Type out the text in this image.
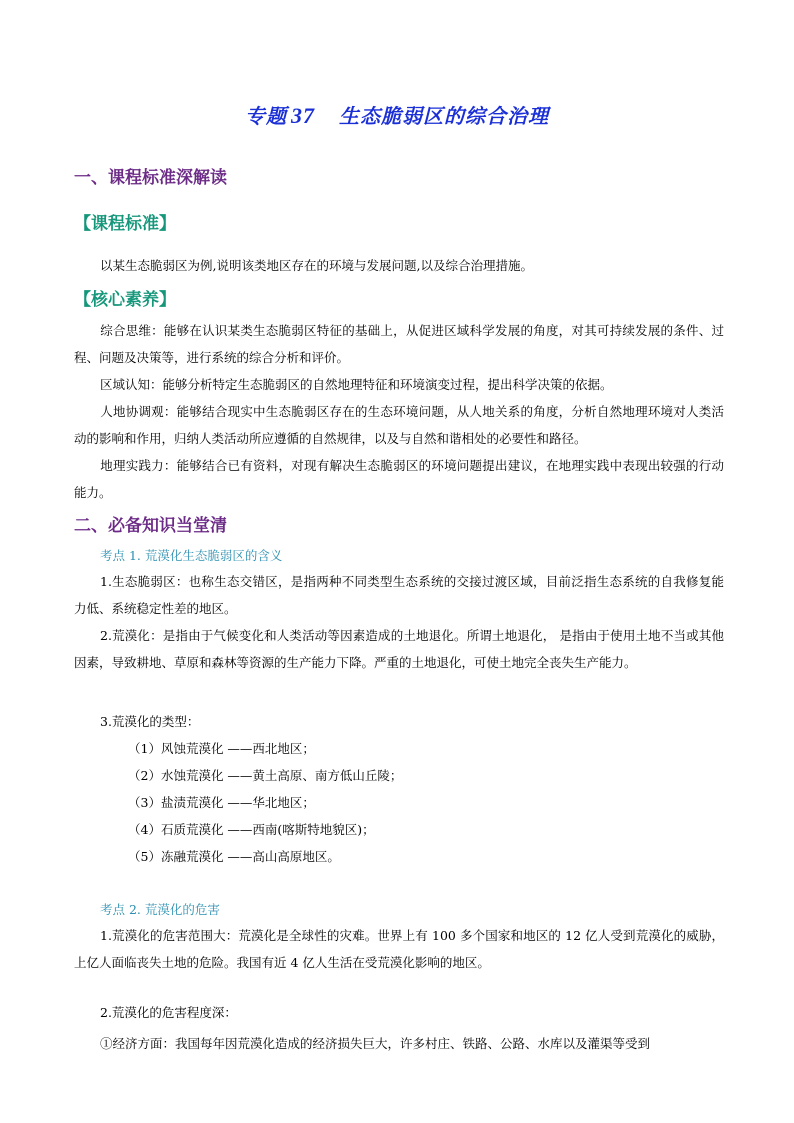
专题 37 生态脆弱区的综合治理
一、课程标准深解读
【课程标准】
以某生态脆弱区为例,说明该类地区存在的环境与发展问题,以及综合治理措施。
【核心素养】
综合思维：能够在认识某类生态脆弱区特征的基础上，从促进区域科学发展的角度，对其可持续发展的条件、过程、问题及决策等，进行系统的综合分析和评价。
区域认知：能够分析特定生态脆弱区的自然地理特征和环境演变过程，提出科学决策的依据。
人地协调观：能够结合现实中生态脆弱区存在的生态环境问题，从人地关系的角度，分析自然地理环境对人类活动的影响和作用，归纳人类活动所应遵循的自然规律，以及与自然和谐相处的必要性和路径。
地理实践力：能够结合已有资料，对现有解决生态脆弱区的环境问题提出建议，在地理实践中表现出较强的行动能力。
二、必备知识当堂清
考点 1. 荒漠化生态脆弱区的含义
1.生态脆弱区：也称生态交错区，是指两种不同类型生态系统的交接过渡区域，目前泛指生态系统的自我修复能力低、系统稳定性差的地区。
2.荒漠化：是指由于气候变化和人类活动等因素造成的土地退化。所谓土地退化， 是指由于使用土地不当或其他因素，导致耕地、草原和森林等资源的生产能力下降。严重的土地退化，可使土地完全丧失生产能力。
3.荒漠化的类型：
（1）风蚀荒漠化 ——西北地区；
（2）水蚀荒漠化 ——黄土高原、南方低山丘陵；
（3）盐渍荒漠化 ——华北地区；
（4）石质荒漠化 ——西南(喀斯特地貌区)；
（5）冻融荒漠化 ——高山高原地区。
考点 2. 荒漠化的危害
1.荒漠化的危害范围大：荒漠化是全球性的灾难。世界上有 100 多个国家和地区的 12 亿人受到荒漠化的威胁，上亿人面临丧失土地的危险。我国有近 4 亿人生活在受荒漠化影响的地区。
2.荒漠化的危害程度深：
①经济方面：我国每年因荒漠化造成的经济损失巨大，许多村庄、铁路、公路、水库以及灌渠等受到
